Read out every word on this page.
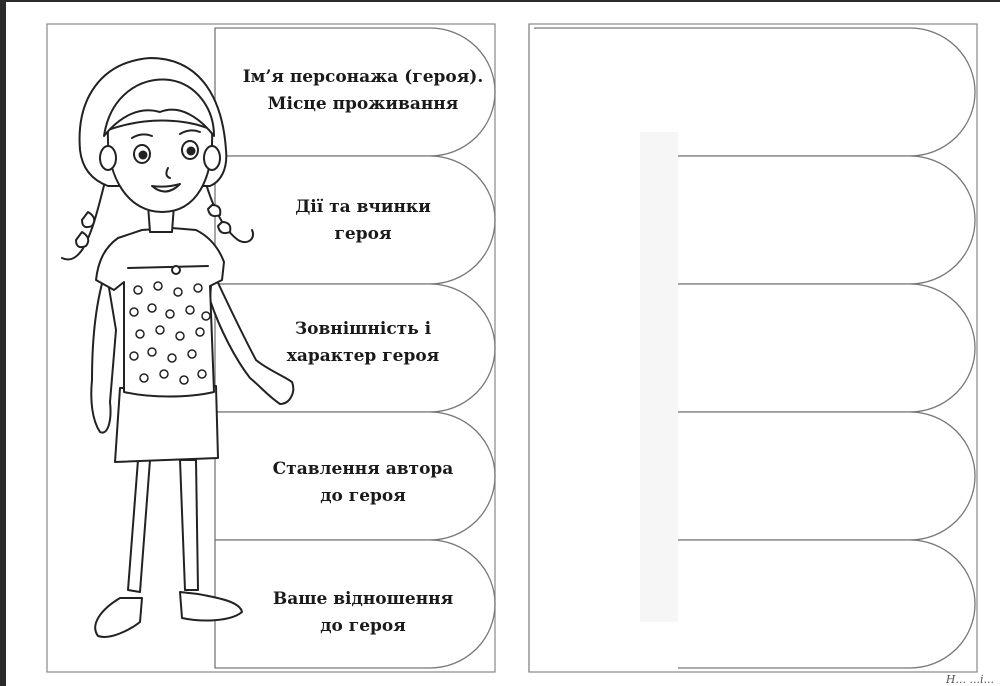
Ім’я персонажа (героя).
Місце проживання
Дії та вчинки
героя
Зовнішність і
характер героя
Ставлення автора
до героя
Ваше відношення
до героя
Н... ...і...
